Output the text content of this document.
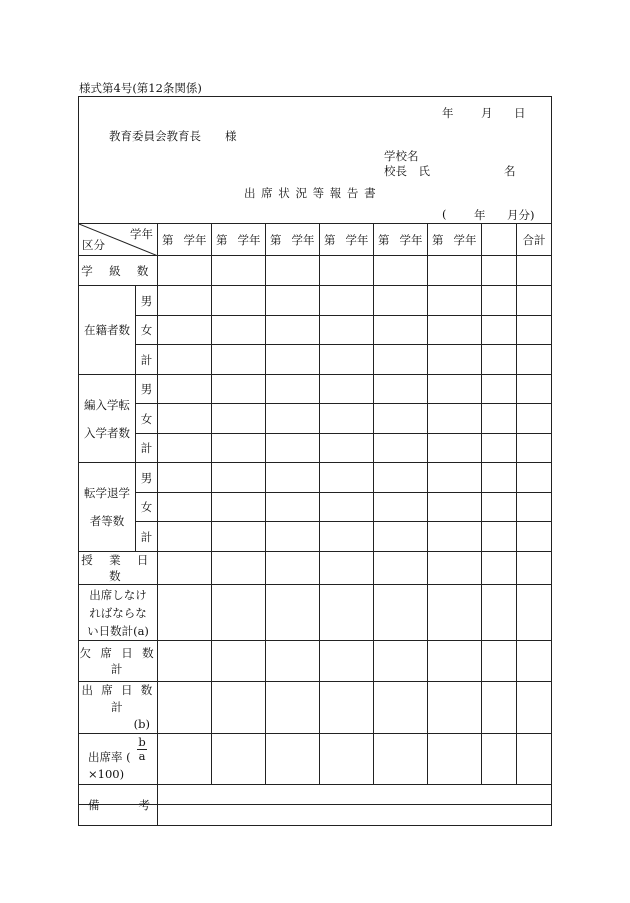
様式第4号(第12条関係)
年 月 日
教育委員会教育長 様
学校名
校長　氏	名
出 席 状 況 等 報 告 書
( 年 月分)
学年
区分		第 学年	第 学年	第 学年	第 学年	第 学年	第 学年		合計
学 級 数									
在籍者数	男								
	女								
	計								

編入学転
入学者数	男								
	女								
	計								

転学退学
者等数	男								
	女								
	計								
授 業 日 数									

出席しなけ
ればならな
い日数計(a)									

欠 席 日 数 計									

出 席 日 数 計
(b)									

$\frac{b}{a}$
出席率 (
×100)									

備 考									
